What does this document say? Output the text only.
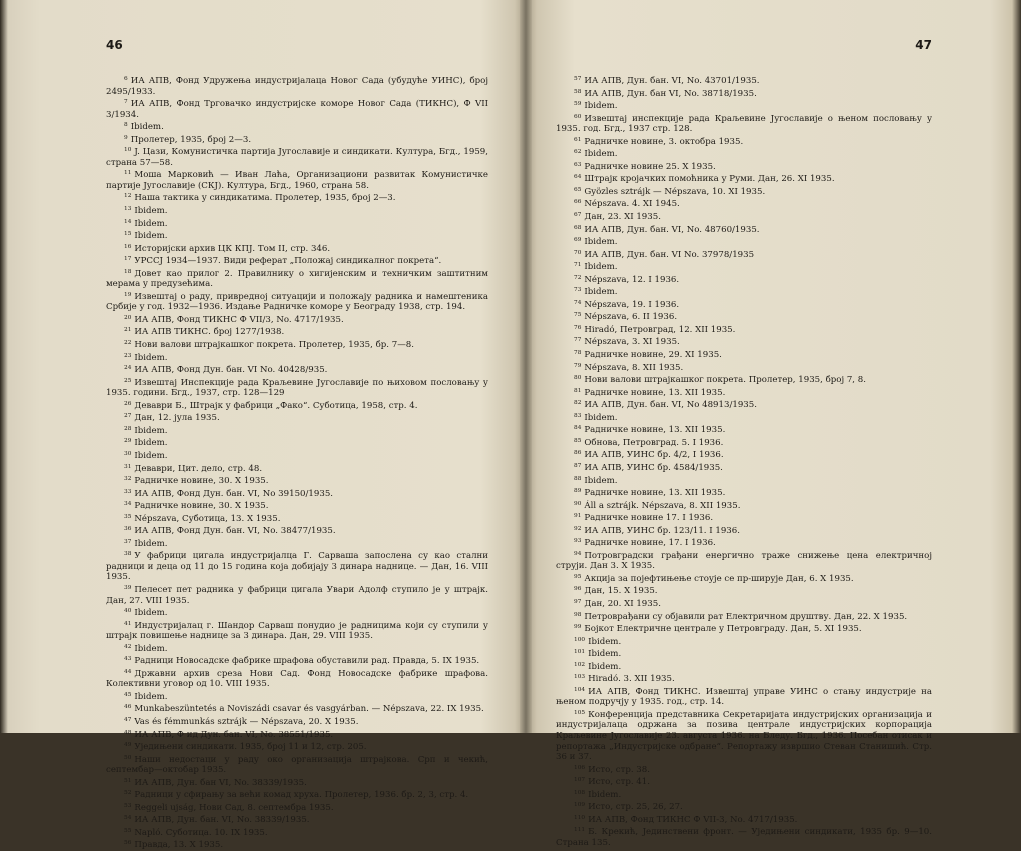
46

$^6$ ИА АПВ, Фонд Удружења индустријалаца Новог Сада (убудуће УИНС), број 2495/1933.

$^7$ ИА АПВ, Фонд Трговачко индустријске коморе Новог Сада (ТИКНС), Ф VII 3/1934.

$^8$ Ibidem.

$^9$ Пролетер, 1935, број 2—3.

$^{10}$ J. Цази, Комунистичка партија Југославије и синдикати. Култура, Бгд., 1959, страна 57—58.

$^{11}$ Моша Марковић — Иван Лаћа, Организациони развитак Комунистичке партије Југославије (СКЈ). Култура, Бгд., 1960, страна 58.

$^{12}$ Наша тактика у синдикатима. Пролетер, 1935, број 2—3.

$^{13}$ Ibidem.

$^{14}$ Ibidem.

$^{15}$ Ibidem.

$^{16}$ Историјски архив ЦК КПЈ. Том II, стр. 346.

$^{17}$ УРССЈ 1934—1937. Види реферат „Положај синдикалног покрета“.

$^{18}$ Довет као прилог 2. Правилнику о хигијенским и техничким заштитним мерама у предузећима.

$^{19}$ Извештај о раду, привредној ситуацији и положају радника и намештеника Србије у год. 1932—1936. Издање Радничке коморе у Београду 1938, стр. 194.

$^{20}$ ИА АПВ, Фонд ТИКНС Ф VII/3, No. 4717/1935.

$^{21}$ ИА АПВ ТИКНС. број 1277/1938.

$^{22}$ Нови валови штрајкашког покрета. Пролетер, 1935, бр. 7—8.

$^{23}$ Ibidem.

$^{24}$ ИА АПВ, Фонд Дун. бан. VI No. 40428/935.

$^{25}$ Извештај Инспекције рада Краљевине Југославије по њиховом пословању у 1935. години. Бгд., 1937, стр. 128—129

$^{26}$ Деваври Б., Штрајк у фабрици „Фако“. Суботица, 1958, стр. 4.

$^{27}$ Дан, 12. јула 1935.

$^{28}$ Ibidem.

$^{29}$ Ibidem.

$^{30}$ Ibidem.

$^{31}$ Деваври, Цит. дело, стр. 48.

$^{32}$ Радничке новине, 30. X 1935.

$^{33}$ ИА АПВ, Фонд Дун. бан. VI, No 39150/1935.

$^{34}$ Радничке новине, 30. X 1935.

$^{35}$ Népszava, Суботица, 13. X 1935.

$^{36}$ ИА АПВ, Фонд Дун. бан. VI, No. 38477/1935.

$^{37}$ Ibidem.

$^{38}$ У фабрици цигала индустријалца Г. Сарваша запослена су као стални радници и деца од 11 до 15 година која добијају 3 динара наднице. — Дан, 16. VIII 1935.

$^{39}$ Пелесет пет радника у фабрици цигала Увари Адолф ступило је у штрајк. Дан, 27. VIII 1935.

$^{40}$ Ibidem.

$^{41}$ Индустријалац г. Шандор Сарваш понудио је радницима који су ступили у штрајк повишење наднице за 3 динара. Дан, 29. VIII 1935.

$^{42}$ Ibidem.

$^{43}$ Радници Новосадске фабрике шрафова обуставили рад. Правда, 5. IX 1935.

$^{44}$ Државни архив среза Нови Сад. Фонд Новосадске фабрике шрафова. Колективни уговор од 10. VIII 1935.

$^{45}$ Ibidem.

$^{46}$ Munkabeszüntetés a Noviszádi csavar és vasgyárban. — Népszava, 22. IX 1935.

$^{47}$ Vas és fémmunkás sztrájk — Népszava, 20. X 1935.

$^{48}$ ИА АПВ, Ф ид Дун. бан. VI, No. 38551/1935.

$^{49}$ Уједињени синдикати. 1935, број 11 и 12, стр. 205.

$^{50}$ Наши недостаци у раду око организација штрајкова. Срп и чекић, септембар—октобар 1935.

$^{51}$ ИА АПВ, Дун. бан VI, No. 38339/1935.

$^{52}$ Радници у сфирању за већи комад хруха. Пролетер, 1936. бр. 2, 3, стр. 4.

$^{53}$ Reggeli ujság, Нови Сад, 8. септембра 1935.

$^{54}$ ИА АПВ, Дун. бан. VI, No. 38339/1935.

$^{55}$ Napló. Суботица. 10. IX 1935.

$^{56}$ Правда, 13. X 1935.

47

$^{57}$ ИА АПВ, Дун. бан. VI, No. 43701/1935.

$^{58}$ ИА АПВ, Дун. бан VI, No. 38718/1935.

$^{59}$ Ibidem.

$^{60}$ Извештај инспекције рада Краљевине Југославије о њеном пословању у 1935. год. Бгд., 1937 стр. 128.

$^{61}$ Радничке новине, 3. октобра 1935.

$^{62}$ Ibidem.

$^{63}$ Радничке новине 25. X 1935.

$^{64}$ Штрајк кројачких помоћника у Руми. Дан, 26. XI 1935.

$^{65}$ Gyözles sztrájk — Népszava, 10. XI 1935.

$^{66}$ Népszava. 4. XI 1945.

$^{67}$ Дан, 23. XI 1935.

$^{68}$ ИА АПВ, Дун. бан. VI, No. 48760/1935.

$^{69}$ Ibidem.

$^{70}$ ИА АПВ, Дун. бан. VI No. 37978/1935

$^{71}$ Ibidem.

$^{72}$ Népszava, 12. I 1936.

$^{73}$ Ibidem.

$^{74}$ Népszava, 19. I 1936.

$^{75}$ Népszava, 6. II 1936.

$^{76}$ Hiradó, Петровград, 12. XII 1935.

$^{77}$ Népszava, 3. XI 1935.

$^{78}$ Радничке новине, 29. XI 1935.

$^{79}$ Népszava, 8. XII 1935.

$^{80}$ Нови валови штрајкашког покрета. Пролетер, 1935, број 7, 8.

$^{81}$ Радничке новине, 13. XII 1935.

$^{82}$ ИА АПВ, Дун. бан. VI, No 48913/1935.

$^{83}$ Ibidem.

$^{84}$ Радничке новине, 13. XII 1935.

$^{85}$ Обнова, Петровград. 5. I 1936.

$^{86}$ ИА АПВ, УИНС бр. 4/2, I 1936.

$^{87}$ ИА АПВ, УИНС бр. 4584/1935.

$^{88}$ Ibidem.

$^{89}$ Радничке новине, 13. XII 1935.

$^{90}$ Áll a sztrájk. Népszava, 8. XII 1935.

$^{91}$ Радничке новине 17. I 1936.

$^{92}$ ИА АПВ, УИНС бр. 123/11. I 1936.

$^{93}$ Радничке новине, 17. I 1936.

$^{94}$ Потровградски грађани енергично траже снижење цена електричној струји. Дан 3. X 1935.

$^{95}$ Акција за појефтињење стоује се пр-ширује Дан, 6. X 1935.

$^{96}$ Дан, 15. X 1935.

$^{97}$ Дан, 20. XI 1935.

$^{98}$ Петроврађани су објавили рат Електричном друштву. Дан, 22. X 1935.

$^{99}$ Бојкот Електричне централе у Петровграду. Дан, 5. XI 1935.

$^{100}$ Ibidem.

$^{101}$ Ibidem.

$^{102}$ Ibidem.

$^{103}$ Hiradó. 3. XII 1935.

$^{104}$ ИА АПВ, Фонд ТИКНС. Извештај управе УИНС о стању индустрије на њеном подручју у 1935. год., стр. 14.

$^{105}$ Конференција представника Секретаријата индустријских организација и индустријалаца одржана за позива централе индустријских корпорација Краљевине Југославије 23. августа 1936. на Бледу. Бгд., 1936. Посебан отисак и репортажа „Индустријске одбране“. Репортажу извршио Стеван Станишић. Стр. 36 и 37.

$^{106}$ Исто, стр. 38.

$^{107}$ Исто, стр. 41.

$^{108}$ Ibidem.

$^{109}$ Исто, стр. 25, 26, 27.

$^{110}$ ИА АПВ, Фонд ТИКНС Ф VII-3, No. 4717/1935.

$^{111}$ Б. Крекић, Јединствени фронт. — Уједињени синдикати, 1935 бр. 9—10. Страна 135.
